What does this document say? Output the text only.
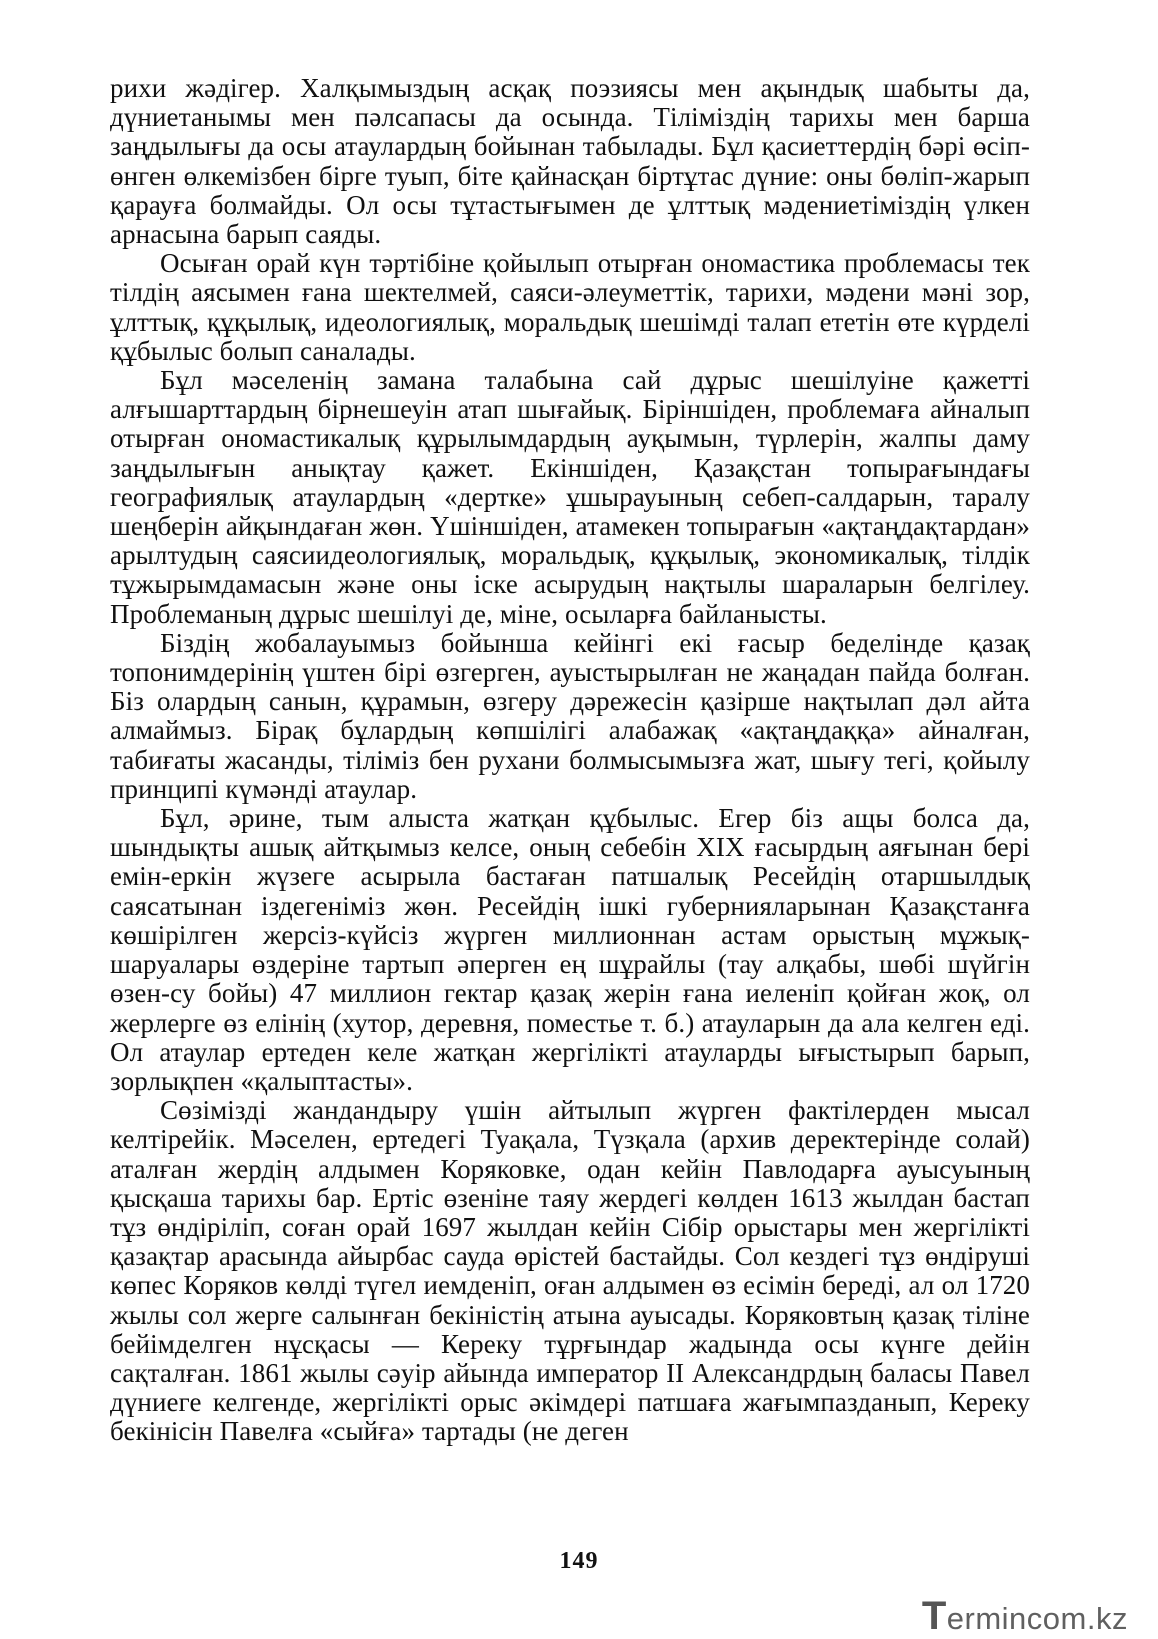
рихи жәдігер. Халқымыздың асқақ поэзиясы мен ақындық шабыты да, дүниетанымы мен пәлсапасы да осында. Тіліміздің тарихы мен барша заңдылығы да осы атаулардың бойынан табылады. Бұл қасиеттердің бәрі өсіп-өнген өлкемізбен бірге туып, біте қайнасқан біртұтас дүние: оны бөліп-жарып қарауға болмайды. Ол осы тұтастығымен де ұлттық мәдениетіміздің үлкен арнасына барып саяды.

Осыған орай күн тәртібіне қойылып отырған ономастика проблемасы тек тілдің аясымен ғана шектелмей, саяси-әлеуметтік, тарихи, мәдени мәні зор, ұлттық, құқылық, идеологиялық, моральдық шешімді талап ететін өте күрделі құбылыс болып саналады.

Бұл мәселенің замана талабына сай дұрыс шешілуіне қажетті алғышарттардың бірнешеуін атап шығайық. Біріншіден, проблемаға айналып отырған ономастикалық құрылымдардың ауқымын, түрлерін, жалпы даму заңдылығын анықтау қажет. Екіншіден, Қазақстан топырағындағы географиялық атаулардың «дертке» ұшырауының себеп-салдарын, таралу шеңберін айқындаған жөн. Үшіншіден, атамекен топырағын «ақтаңдақтардан» арылтудың саясиидеологиялық, моральдық, құқылық, экономикалық, тілдік тұжырымдамасын және оны іске асырудың нақтылы шараларын белгілеу. Проблеманың дұрыс шешілуі де, міне, осыларға байланысты.

Біздің жобалауымыз бойынша кейінгі екі ғасыр беделінде қазақ топонимдерінің үштен бірі өзгерген, ауыстырылған не жаңадан пайда болған. Біз олардың санын, құрамын, өзгеру дәрежесін қазірше нақтылап дәл айта алмаймыз. Бірақ бұлардың көпшілігі алабажақ «ақтаңдаққа» айналған, табиғаты жасанды, тіліміз бен рухани болмысымызға жат, шығу тегі, қойылу принципі күмәнді атаулар.

Бұл, әрине, тым алыста жатқан құбылыс. Егер біз ащы болса да, шындықты ашық айтқымыз келсе, оның себебін XIX ғасырдың аяғынан бері емін-еркін жүзеге асырыла бастаған патшалық Ресейдің отаршылдық саясатынан іздегеніміз жөн. Ресейдің ішкі губернияларынан Қазақстанға көшірілген жерсіз-күйсіз жүрген миллионнан астам орыстың мұжық-шаруалары өздеріне тартып әперген ең шұрайлы (тау алқабы, шөбі шүйгін өзен-су бойы) 47 миллион гектар қазақ жерін ғана иеленіп қойған жоқ, ол жерлерге өз елінің (хутор, деревня, поместье т. б.) атауларын да ала келген еді. Ол атаулар ертеден келе жатқан жергілікті атауларды ығыстырып барып, зорлықпен «қалыптасты».

Сөзімізді жандандыру үшін айтылып жүрген фактілерден мысал келтірейік. Мәселен, ертедегі Туақала, Түзқала (архив деректерінде солай) аталған жердің алдымен Коряковке, одан кейін Павлодарға ауысуының қысқаша тарихы бар. Ертіс өзеніне таяу жердегі көлден 1613 жылдан бастап тұз өндіріліп, соған орай 1697 жылдан кейін Сібір орыстары мен жергілікті қазақтар арасында айырбас сауда өрістей бастайды. Сол кездегі тұз өндіруші көпес Коряков көлді түгел иемденіп, оған алдымен өз есімін береді, ал ол 1720 жылы сол жерге салынған бекіністің атына ауысады. Коряковтың қазақ тіліне бейімделген нұсқасы — Кереку тұрғындар жадында осы күнге дейін сақталған. 1861 жылы сәуір айында император II Александрдың баласы Павел дүниеге келгенде, жергілікті орыс әкімдері патшаға жағымпазданып, Кереку бекінісін Павелға «сыйға» тартады (не деген

149
T ermincom .kz
